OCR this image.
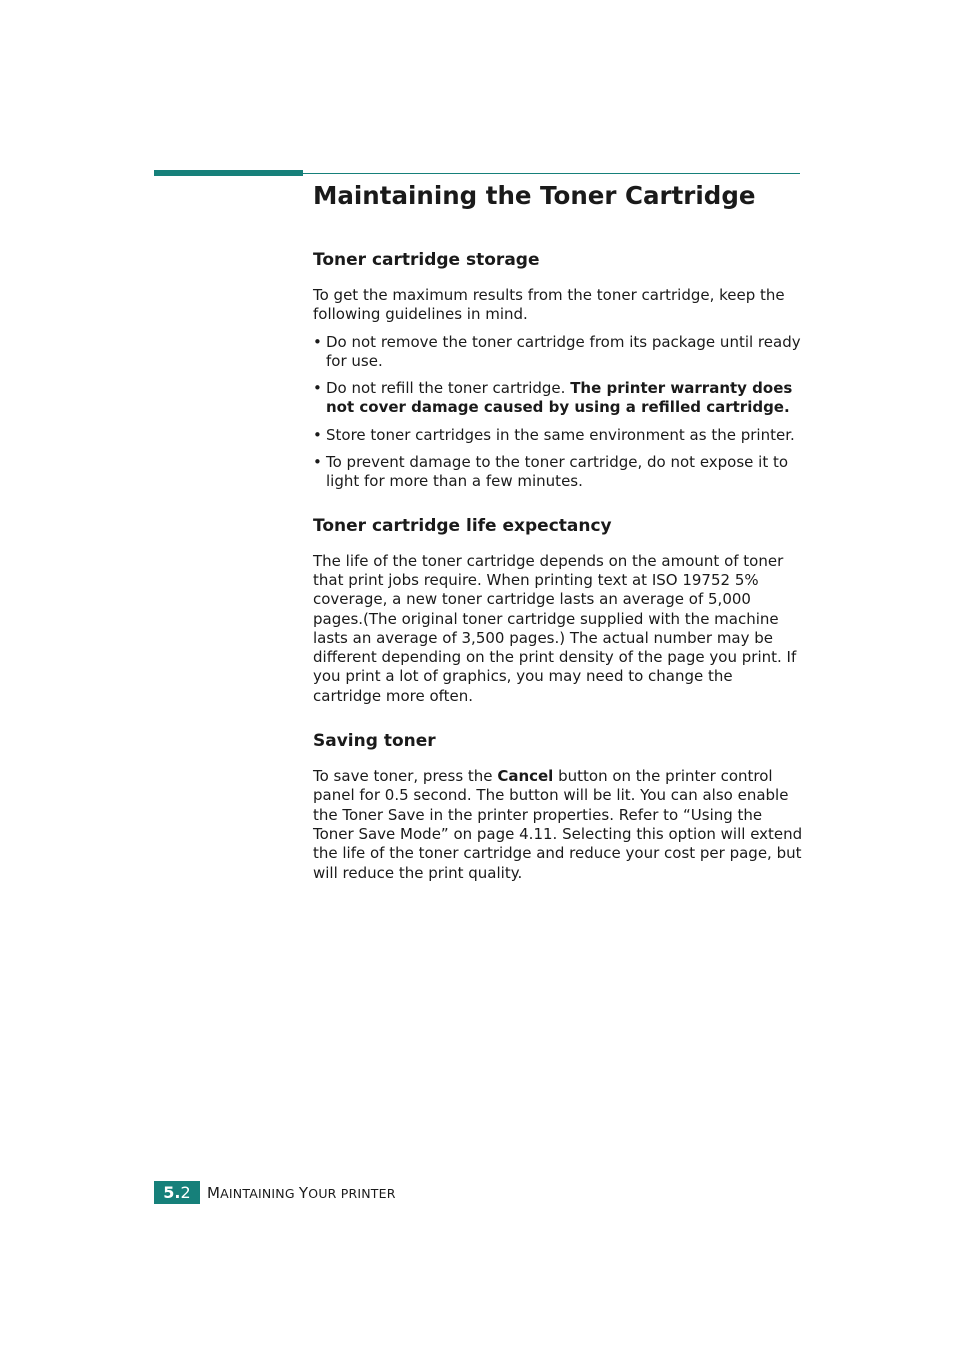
Maintaining the Toner Cartridge
Toner cartridge storage

To get the maximum results from the toner cartridge, keep the following guidelines in mind.

• Do not remove the toner cartridge from its package until ready for use.
• Do not refill the toner cartridge. The printer warranty does not cover damage caused by using a refilled cartridge.
• Store toner cartridges in the same environment as the printer.
• To prevent damage to the toner cartridge, do not expose it to light for more than a few minutes.
Toner cartridge life expectancy

The life of the toner cartridge depends on the amount of toner that print jobs require. When printing text at ISO 19752 5% coverage, a new toner cartridge lasts an average of 5,000 pages.(The original toner cartridge supplied with the machine lasts an average of 3,500 pages.) The actual number may be different depending on the print density of the page you print. If you print a lot of graphics, you may need to change the cartridge more often.

Saving toner

To save toner, press the Cancel button on the printer control panel for 0.5 second. The button will be lit. You can also enable the Toner Save in the printer properties. Refer to “Using the Toner Save Mode” on page 4.11. Selecting this option will extend the life of the toner cartridge and reduce your cost per page, but will reduce the print quality.

5. 2 MAINTAINING YOUR PRINTER
